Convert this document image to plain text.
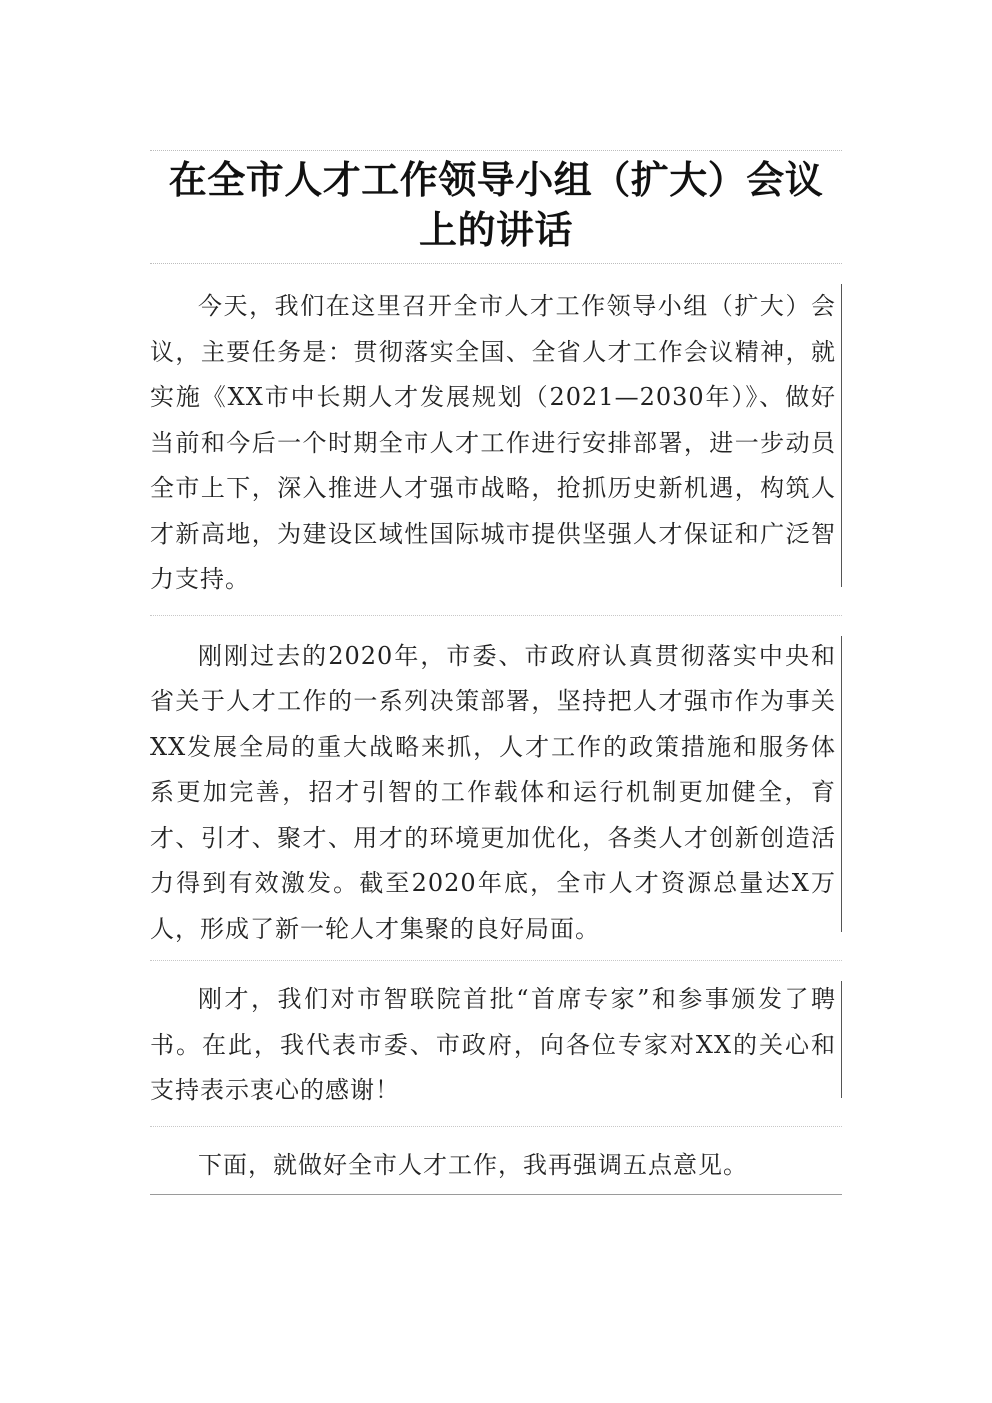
在全市人才工作领导小组（扩大）会议上的讲话

今天，我们在这里召开全市人才工作领导小组（扩大）会议，主要任务是：贯彻落实全国、全省人才工作会议精神，就实施《XX市中长期人才发展规划（2021—2030年）》、做好当前和今后一个时期全市人才工作进行安排部署，进一步动员全市上下，深入推进人才强市战略，抢抓历史新机遇，构筑人才新高地，为建设区域性国际城市提供坚强人才保证和广泛智力支持。

刚刚过去的2020年，市委、市政府认真贯彻落实中央和省关于人才工作的一系列决策部署，坚持把人才强市作为事关XX发展全局的重大战略来抓，人才工作的政策措施和服务体系更加完善，招才引智的工作载体和运行机制更加健全，育才、引才、聚才、用才的环境更加优化，各类人才创新创造活力得到有效激发。截至2020年底，全市人才资源总量达X万人，形成了新一轮人才集聚的良好局面。

刚才，我们对市智联院首批“首席专家”和参事颁发了聘书。在此，我代表市委、市政府，向各位专家对XX的关心和支持表示衷心的感谢！

下面，就做好全市人才工作，我再强调五点意见。
